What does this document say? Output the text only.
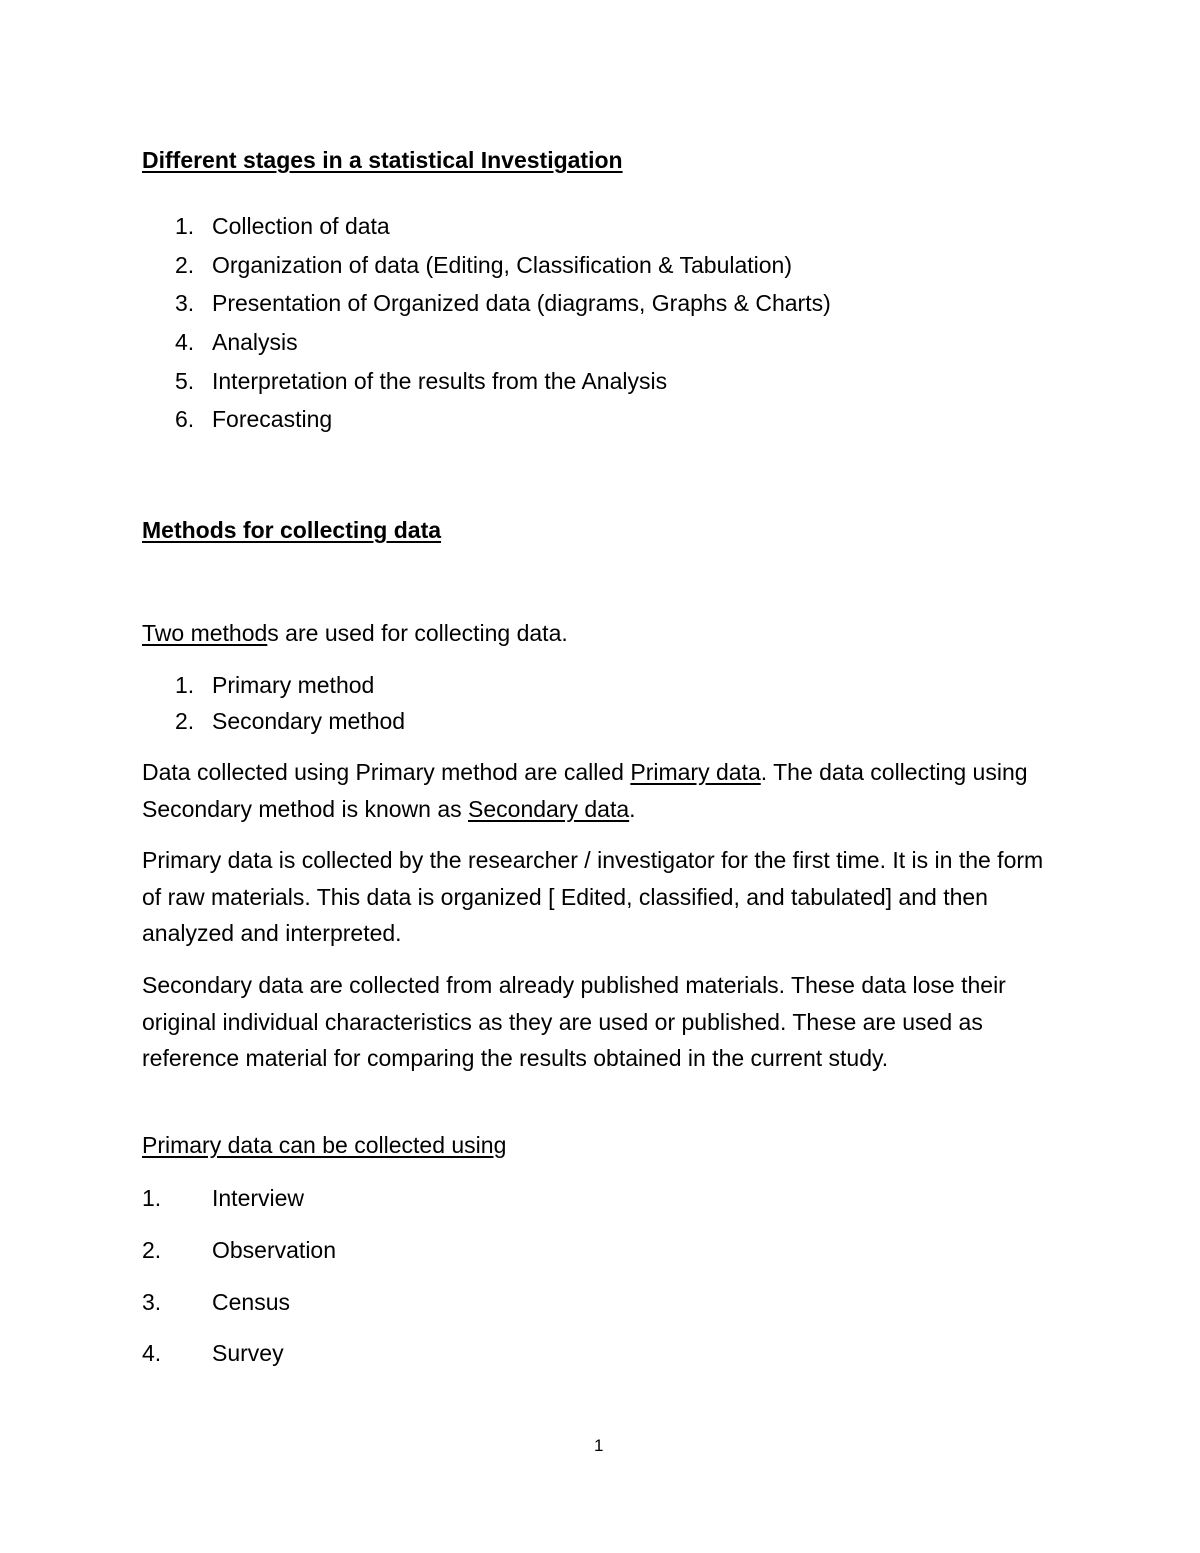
Different stages in a statistical Investigation
1. Collection of data
2. Organization of data (Editing, Classification & Tabulation)
3. Presentation of Organized data (diagrams, Graphs & Charts)
4. Analysis
5. Interpretation of the results from the Analysis
6. Forecasting
Methods for collecting data
Two methods are used for collecting data.
1. Primary method
2. Secondary method
Data collected using Primary method are called Primary data. The data collecting using Secondary method is known as Secondary data.
Primary data is collected by the researcher / investigator for the first time. It is in the form of raw materials. This data is organized [ Edited, classified, and tabulated] and then analyzed and interpreted.
Secondary data are collected from already published materials. These data lose their original individual characteristics as they are used or published. These are used as reference material for comparing the results obtained in the current study.
Primary data can be collected using
1. Interview
2. Observation
3. Census
4. Survey
1
